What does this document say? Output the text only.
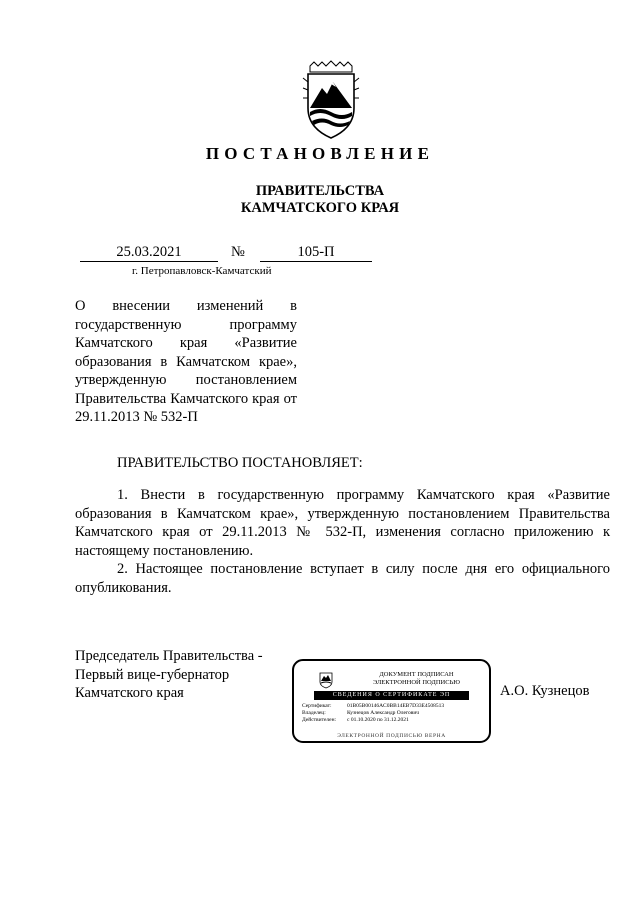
ПОСТАНОВЛЕНИЕ
ПРАВИТЕЛЬСТВА
КАМЧАТСКОГО КРАЯ
25.03.2021	№	105-П
г. Петропавловск-Камчатский
О внесении изменений в государственную программу Камчатского края «Развитие образования в Камчатском крае», утвержденную постановлением Правительства Камчатского края от 29.11.2013 № 532-П
ПРАВИТЕЛЬСТВО ПОСТАНОВЛЯЕТ:

1. Внести в государственную программу Камчатского края «Развитие образования в Камчатском крае», утвержденную постановлением Правительства Камчатского края от 29.11.2013 № 532-П, изменения согласно приложению к настоящему постановлению.

2. Настоящее постановление вступает в силу после дня его официального опубликования.

Председатель Правительства -
Первый вице-губернатор
Камчатского края
ДОКУМЕНТ ПОДПИСАН
ЭЛЕКТРОННОЙ ПОДПИСЬЮ
СВЕДЕНИЯ О СЕРТИФИКАТЕ ЭП
Сертификат:	01B05B00146AC0BB14EB7D33E4508513
Владелец:	Кузнецов Александр Олегович
Действителен: с 01.10.2020 по 31.12.2021
ЭЛЕКТРОННОЙ ПОДПИСЬЮ ВЕРНА
А.О. Кузнецов
